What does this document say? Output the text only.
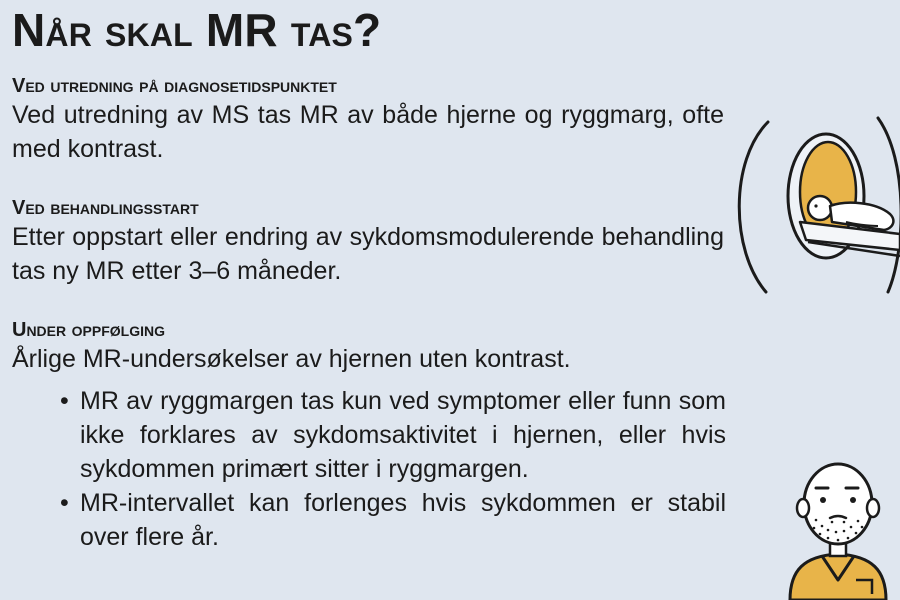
Når skal MR tas?
Ved utredning på diagnosetidspunktet

Ved utredning av MS tas MR av både hjerne og ryggmarg, ofte med kontrast.

Ved behandlingsstart

Etter oppstart eller endring av sykdomsmodulerende behandling tas ny MR etter 3–6 måneder.

Under oppfølging

Årlige MR-undersøkelser av hjernen uten kontrast.

• MR av ryggmargen tas kun ved symptomer eller funn som ikke forklares av sykdomsaktivitet i hjernen, eller hvis sykdommen primært sitter i ryggmargen.
• MR-intervallet kan forlenges hvis sykdommen er stabil over flere år.
